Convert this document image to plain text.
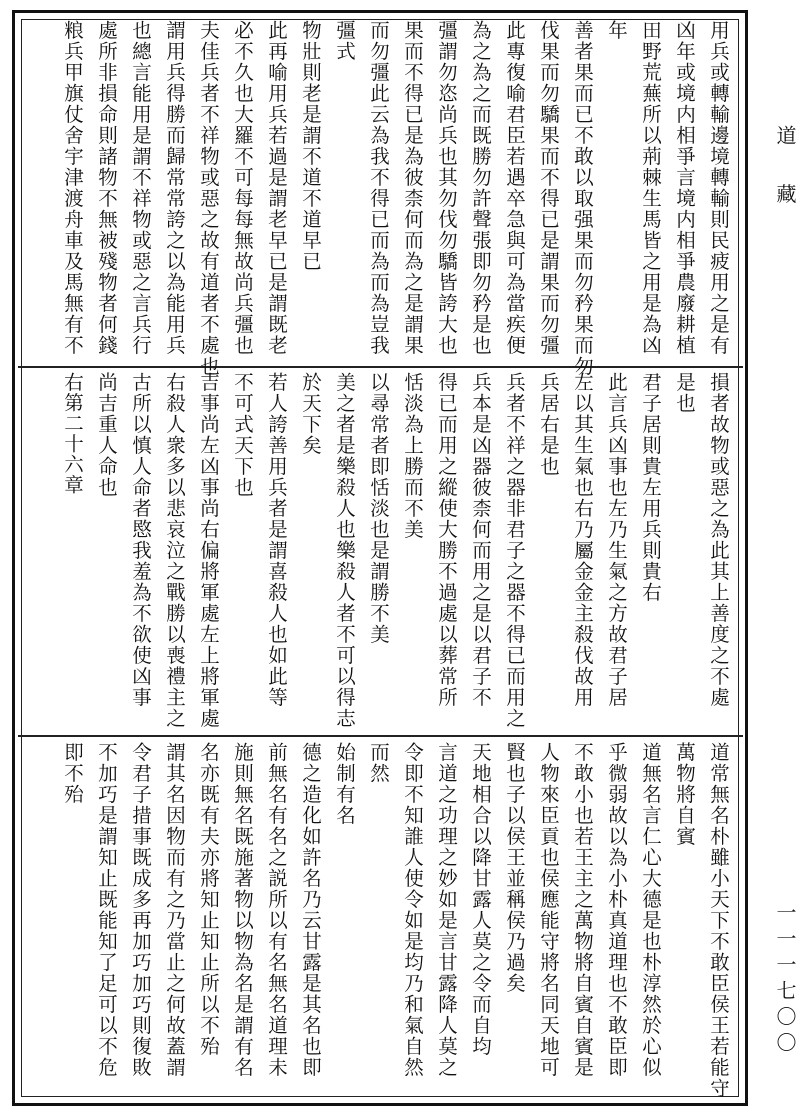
道 藏
一一一七〇〇
用兵或轉輸邊境轉輸則民疲用之是有
凶年或境内相爭言境内相爭農廢耕植
田野荒蕪所以荊棘生馬皆之用是為凶
年
善者果而已不敢以取强果而勿矜果而勿
伐果而勿驕果而不得已是謂果而勿彊
此專復喻君臣若遇卒急與可為當疾便
為之為之而既勝勿許聲張即勿矜是也
彊謂勿恣尚兵也其勿伐勿驕皆誇大也
果而不得已是為彼柰何而為之是謂果
而勿彊此云為我不得已而為而為豈我
彊式
物壯則老是謂不道不道早已
此再喻用兵若過是謂老早已是謂既老
必不久也大羅不可每每無故尚兵彊也
夫佳兵者不祥物或惡之故有道者不處也
謂用兵得勝而歸常常誇之以為能用兵
也總言能用是謂不祥物或惡之言兵行
處所非損命則諸物不無被殘物者何錢
粮兵甲旗仗舍宇津渡舟車及馬無有不
損者故物或惡之為此其上善度之不處
是也
君子居則貴左用兵則貴右
此言兵凶事也左乃生氣之方故君子居
左以其生氣也右乃屬金金主殺伐故用
兵居右是也
兵者不祥之器非君子之器不得已而用之
兵本是凶器彼柰何而用之是以君子不
得已而用之縱使大勝不過處以葬常所
恬淡為上勝而不美
以尋常者即恬淡也是謂勝不美
美之者是樂殺人也樂殺人者不可以得志
於天下矣
若人誇善用兵者是謂喜殺人也如此等
不可式天下也
吉事尚左凶事尚右偏將軍處左上將軍處
右殺人衆多以悲哀泣之戰勝以喪禮主之
古所以慎人命者愍我羞為不欲使凶事
尚吉重人命也
右第二十六章
道常無名朴雖小天下不敢臣侯王若能守
萬物將自賓
道無名言仁心大德是也朴淳然於心似
乎微弱故以為小朴真道理也不敢臣即
不敢小也若王主之萬物將自賓自賓是
人物來臣貢也侯應能守將名同天地可
賢也子以侯王並稱侯乃過矣
天地相合以降甘露人莫之令而自均
言道之功理之妙如是言甘露降人莫之
令即不知誰人使令如是均乃和氣自然
而然
始制有名
德之造化如許名乃云甘露是其名也即
前無名有名之説所以有名無名道理未
施則無名既施著物以物為名是謂有名
名亦既有夫亦將知止知止所以不殆
謂其名因物而有之乃當止之何故蓋謂
令君子措事既成多再加巧加巧則復敗
不加巧是謂知止既能知了足可以不危
即不殆
